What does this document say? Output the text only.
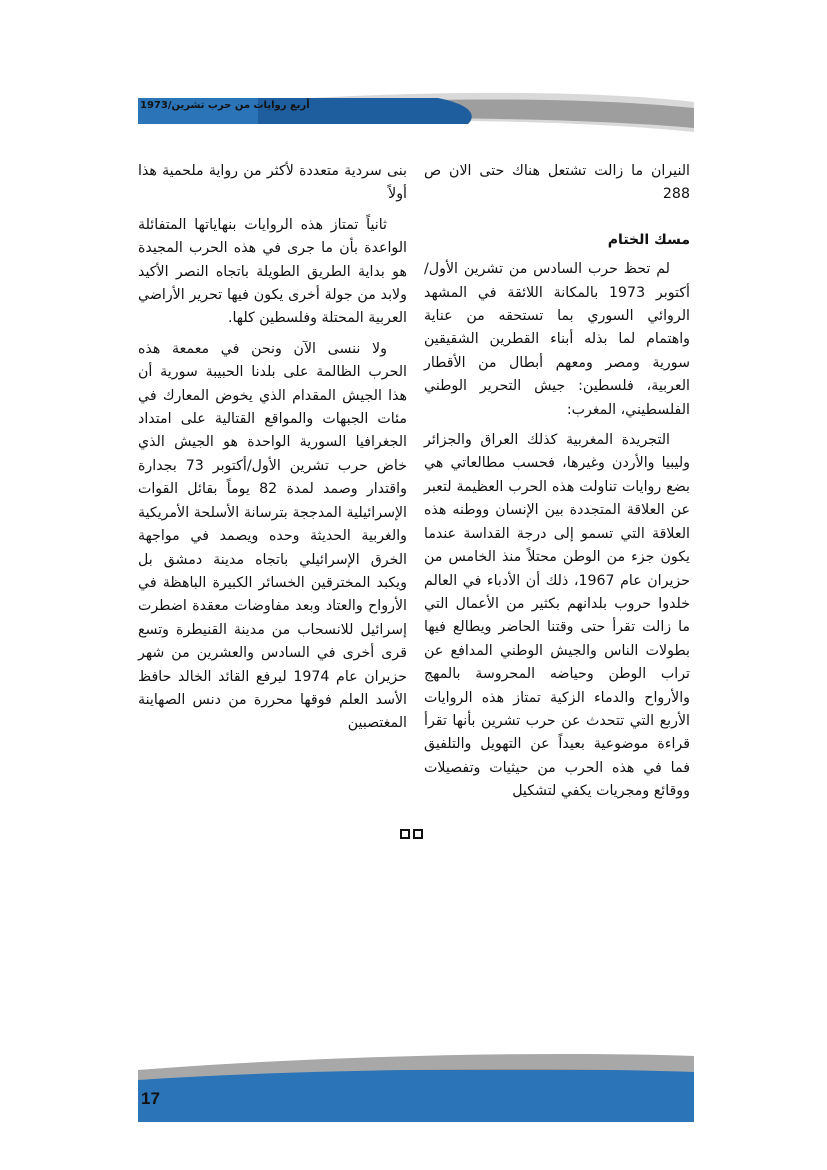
أربع روايات من حرب تشرين/1973

النيران ما زالت تشتعل هناك حتى الان ص 288

مسك الختام

لم تحظ حرب السادس من تشرين الأول/ أكتوبر 1973 بالمكانة اللائقة في المشهد الروائي السوري بما تستحقه من عناية واهتمام لما بذله أبناء القطرين الشقيقين سورية ومصر ومعهم أبطال من الأقطار العربية، فلسطين: جيش التحرير الوطني الفلسطيني، المغرب:

التجريدة المغربية كذلك العراق والجزائر وليبيا والأردن وغيرها، فحسب مطالعاتي هي بضع روايات تناولت هذه الحرب العظيمة لتعبر عن العلاقة المتجددة بين الإنسان ووطنه هذه العلاقة التي تسمو إلى درجة القداسة عندما يكون جزء من الوطن محتلاً منذ الخامس من حزيران عام 1967، ذلك أن الأدباء في العالم خلدوا حروب بلدانهم بكثير من الأعمال التي ما زالت تقرأ حتى وقتنا الحاضر ويطالع فيها بطولات الناس والجيش الوطني المدافع عن تراب الوطن وحياضه المحروسة بالمهج والأرواح والدماء الزكية تمتاز هذه الروايات الأربع التي تتحدث عن حرب تشرين بأنها تقرأ قراءة موضوعية بعيداً عن التهويل والتلفيق فما في هذه الحرب من حيثيات وتفصيلات ووقائع ومجريات يكفي لتشكيل

بنى سردية متعددة لأكثر من رواية ملحمية هذا أولاً

ثانياً تمتاز هذه الروايات بنهاياتها المتفائلة الواعدة بأن ما جرى في هذه الحرب المجيدة هو بداية الطريق الطويلة باتجاه النصر الأكيد ولابد من جولة أخرى يكون فيها تحرير الأراضي العربية المحتلة وفلسطين كلها.

ولا ننسى الآن ونحن في معمعة هذه الحرب الظالمة على بلدنا الحبيبة سورية أن هذا الجيش المقدام الذي يخوض المعارك في مئات الجبهات والمواقع القتالية على امتداد الجغرافيا السورية الواحدة هو الجيش الذي خاض حرب تشرين الأول/أكتوبر 73 بجدارة واقتدار وصمد لمدة 82 يوماً بقائل القوات الإسرائيلية المدججة بترسانة الأسلحة الأمريكية والغربية الحديثة وحده ويصمد في مواجهة الخرق الإسرائيلي باتجاه مدينة دمشق بل ويكبد المخترقين الخسائر الكبيرة الباهظة في الأرواح والعتاد وبعد مفاوضات معقدة اضطرت إسرائيل للانسحاب من مدينة القنيطرة وتسع قرى أخرى في السادس والعشرين من شهر حزيران عام 1974 ليرفع القائد الخالد حافظ الأسد العلم فوقها محررة من دنس الصهاينة المغتصبين

17
